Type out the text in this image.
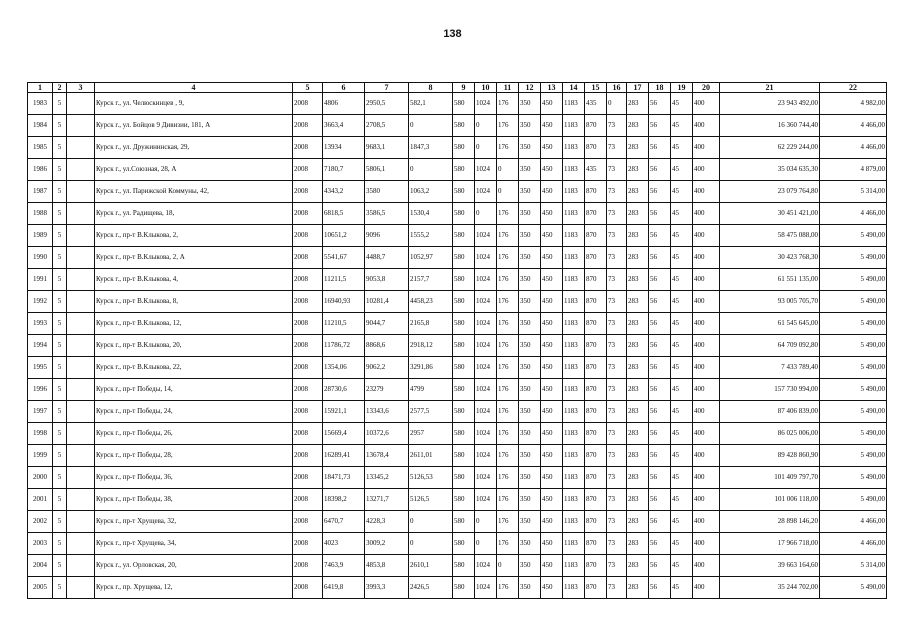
138
1	2	3	4	5	6	7	8	9	10	11	12	13	14	15	16	17	18	19	20	21	22
1983	5		Курск г., ул. Челюскинцев , 9,	2008	4806	2950,5	582,1	580	1024	176	350	450	1183	435	0	283	56	45	400	23 943 492,00	4 982,00
1984	5		Курск г., ул. Бойцов 9 Дивизии, 181, А	2008	3663,4	2708,5	0	580	0	176	350	450	1183	870	73	283	56	45	400	16 360 744,40	4 466,00
1985	5		Курск г., ул. Дружининская, 29,	2008	13934	9683,1	1847,3	580	0	176	350	450	1183	870	73	283	56	45	400	62 229 244,00	4 466,00
1986	5		Курск г., ул.Союзная, 28, А	2008	7180,7	5806,1	0	580	1024	0	350	450	1183	435	73	283	56	45	400	35 034 635,30	4 879,00
1987	5		Курск г., ул. Парижской Коммуны, 42,	2008	4343,2	3580	1063,2	580	1024	0	350	450	1183	870	73	283	56	45	400	23 079 764,80	5 314,00
1988	5		Курск г., ул. Радищева, 18,	2008	6818,5	3586,5	1530,4	580	0	176	350	450	1183	870	73	283	56	45	400	30 451 421,00	4 466,00
1989	5		Курск г., пр-т В.Клыкова, 2,	2008	10651,2	9096	1555,2	580	1024	176	350	450	1183	870	73	283	56	45	400	58 475 088,00	5 490,00
1990	5		Курск г., пр-т В.Клыкова, 2, А	2008	5541,67	4488,7	1052,97	580	1024	176	350	450	1183	870	73	283	56	45	400	30 423 768,30	5 490,00
1991	5		Курск г., пр-т В.Клыкова, 4,	2008	11211,5	9053,8	2157,7	580	1024	176	350	450	1183	870	73	283	56	45	400	61 551 135,00	5 490,00
1992	5		Курск г., пр-т В.Клыкова, 8,	2008	16940,93	10281,4	4458,23	580	1024	176	350	450	1183	870	73	283	56	45	400	93 005 705,70	5 490,00
1993	5		Курск г., пр-т В.Клыкова, 12,	2008	11210,5	9044,7	2165,8	580	1024	176	350	450	1183	870	73	283	56	45	400	61 545 645,00	5 490,00
1994	5		Курск г., пр-т В.Клыкова, 20,	2008	11786,72	8868,6	2918,12	580	1024	176	350	450	1183	870	73	283	56	45	400	64 709 092,80	5 490,00
1995	5		Курск г., пр-т В.Клыкова, 22,	2008	1354,06	9062,2	3291,86	580	1024	176	350	450	1183	870	73	283	56	45	400	7 433 789,40	5 490,00
1996	5		Курск г., пр-т Победы, 14,	2008	28730,6	23279	4799	580	1024	176	350	450	1183	870	73	283	56	45	400	157 730 994,00	5 490,00
1997	5		Курск г., пр-т Победы, 24,	2008	15921,1	13343,6	2577,5	580	1024	176	350	450	1183	870	73	283	56	45	400	87 406 839,00	5 490,00
1998	5		Курск г., пр-т Победы, 26,	2008	15669,4	10372,6	2957	580	1024	176	350	450	1183	870	73	283	56	45	400	86 025 006,00	5 490,00
1999	5		Курск г., пр-т Победы, 28,	2008	16289,41	13678,4	2611,01	580	1024	176	350	450	1183	870	73	283	56	45	400	89 428 860,90	5 490,00
2000	5		Курск г., пр-т Победы, 36,	2008	18471,73	13345,2	5126,53	580	1024	176	350	450	1183	870	73	283	56	45	400	101 409 797,70	5 490,00
2001	5		Курск г., пр-т Победы, 38,	2008	18398,2	13271,7	5126,5	580	1024	176	350	450	1183	870	73	283	56	45	400	101 006 118,00	5 490,00
2002	5		Курск г., пр-т Хрущева, 32,	2008	6470,7	4228,3	0	580	0	176	350	450	1183	870	73	283	56	45	400	28 898 146,20	4 466,00
2003	5		Курск г., пр-т Хрущева, 34,	2008	4023	3009,2	0	580	0	176	350	450	1183	870	73	283	56	45	400	17 966 718,00	4 466,00
2004	5		Курск г., ул. Орловская, 20,	2008	7463,9	4853,8	2610,1	580	1024	0	350	450	1183	870	73	283	56	45	400	39 663 164,60	5 314,00
2005	5		Курск г., пр. Хрущева, 12,	2008	6419,8	3993,3	2426,5	580	1024	176	350	450	1183	870	73	283	56	45	400	35 244 702,00	5 490,00
